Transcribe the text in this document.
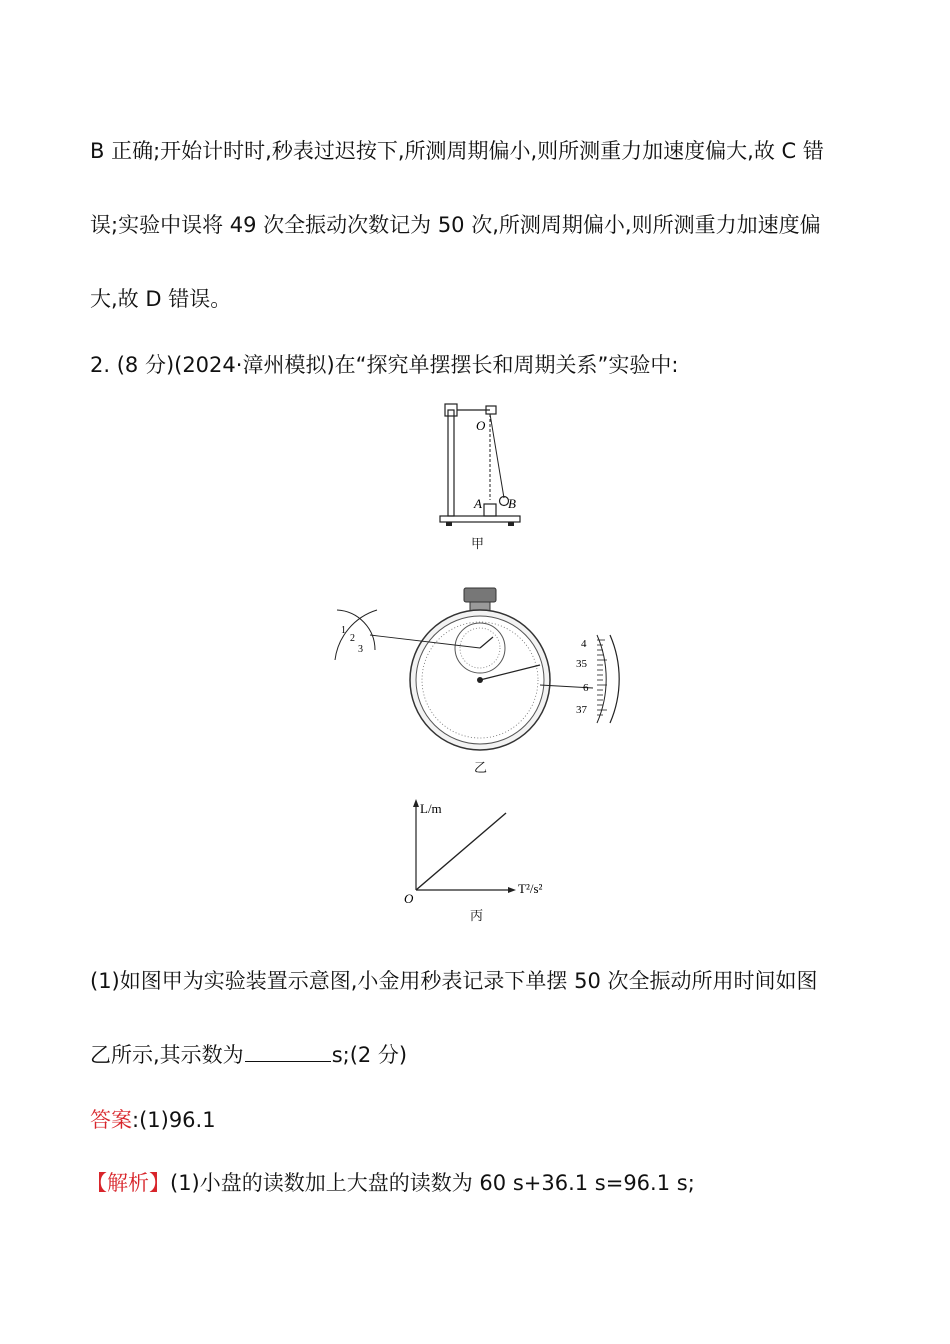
B 正确;开始计时时,秒表过迟按下,所测周期偏小,则所测重力加速度偏大,故 C 错
误;实验中误将 49 次全振动次数记为 50 次,所测周期偏小,则所测重力加速度偏
大,故 D 错误。
2. (8 分)(2024·漳州模拟)在“探究单摆摆长和周期关系”实验中:
O
A B
甲
1
2
3	4
35
6
37
乙
L/m
T²/s²
O
丙
(1)如图甲为实验装置示意图,小金用秒表记录下单摆 50 次全振动所用时间如图
乙所示,其示数为	s;(2 分)
答案:(1)96.1
【解析】(1)小盘的读数加上大盘的读数为 60 s+36.1 s=96.1 s;
